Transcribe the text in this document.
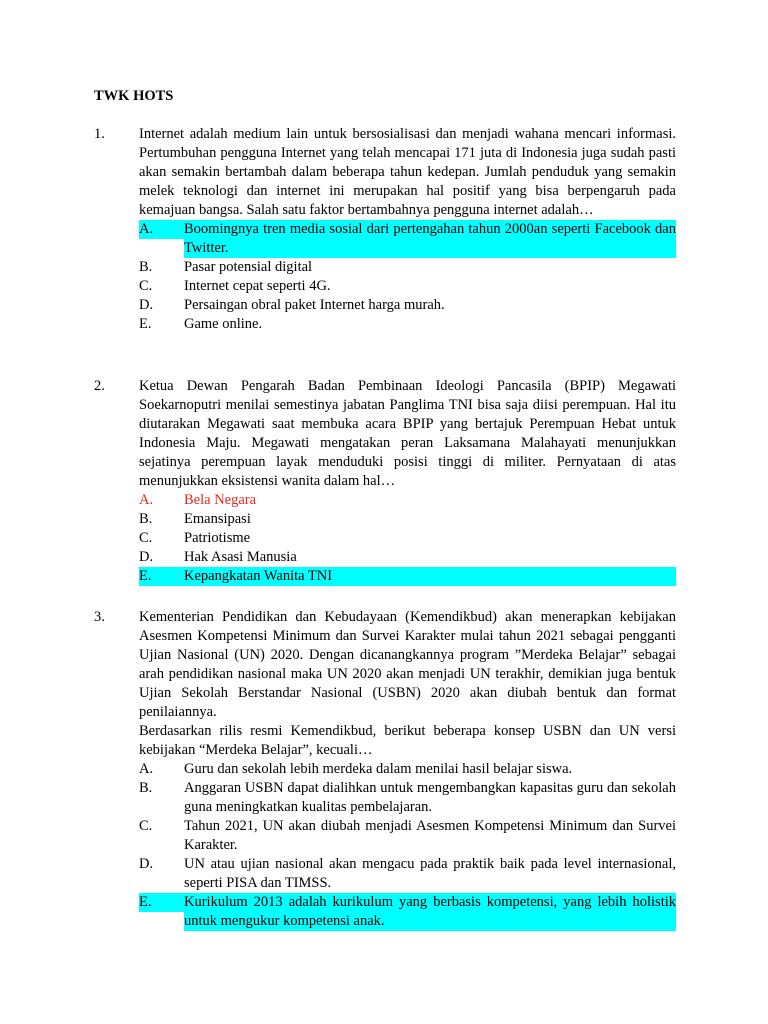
TWK HOTS
1. Internet adalah medium lain untuk bersosialisasi dan menjadi wahana mencari informasi. Pertumbuhan pengguna Internet yang telah mencapai 171 juta di Indonesia juga sudah pasti akan semakin bertambah dalam beberapa tahun kedepan. Jumlah penduduk yang semakin melek teknologi dan internet ini merupakan hal positif yang bisa berpengaruh pada kemajuan bangsa. Salah satu faktor bertambahnya pengguna internet adalah…

A.	Boomingnya tren media sosial dari pertengahan tahun 2000an seperti Facebook dan Twitter.
B.	Pasar potensial digital
C.	Internet cepat seperti 4G.
D.	Persaingan obral paket Internet harga murah.
E.	Game online.
2. Ketua Dewan Pengarah Badan Pembinaan Ideologi Pancasila (BPIP) Megawati Soekarnoputri menilai semestinya jabatan Panglima TNI bisa saja diisi perempuan. Hal itu diutarakan Megawati saat membuka acara BPIP yang bertajuk Perempuan Hebat untuk Indonesia Maju. Megawati mengatakan peran Laksamana Malahayati menunjukkan sejatinya perempuan layak menduduki posisi tinggi di militer. Pernyataan di atas menunjukkan eksistensi wanita dalam hal…

A.	Bela Negara
B.	Emansipasi
C.	Patriotisme
D.	Hak Asasi Manusia
E.	Kepangkatan Wanita TNI
3. Kementerian Pendidikan dan Kebudayaan (Kemendikbud) akan menerapkan kebijakan Asesmen Kompetensi Minimum dan Survei Karakter mulai tahun 2021 sebagai pengganti Ujian Nasional (UN) 2020. Dengan dicanangkannya program ”Merdeka Belajar” sebagai arah pendidikan nasional maka UN 2020 akan menjadi UN terakhir, demikian juga bentuk Ujian Sekolah Berstandar Nasional (USBN) 2020 akan diubah bentuk dan format penilaiannya.

Berdasarkan rilis resmi Kemendikbud, berikut beberapa konsep USBN dan UN versi kebijakan “Merdeka Belajar”, kecuali…

A.	Guru dan sekolah lebih merdeka dalam menilai hasil belajar siswa.
B.	Anggaran USBN dapat dialihkan untuk mengembangkan kapasitas guru dan sekolah guna meningkatkan kualitas pembelajaran.
C.	Tahun 2021, UN akan diubah menjadi Asesmen Kompetensi Minimum dan Survei Karakter.
D.	UN atau ujian nasional akan mengacu pada praktik baik pada level internasional, seperti PISA dan TIMSS.
E.	Kurikulum 2013 adalah kurikulum yang berbasis kompetensi, yang lebih holistik untuk mengukur kompetensi anak.
